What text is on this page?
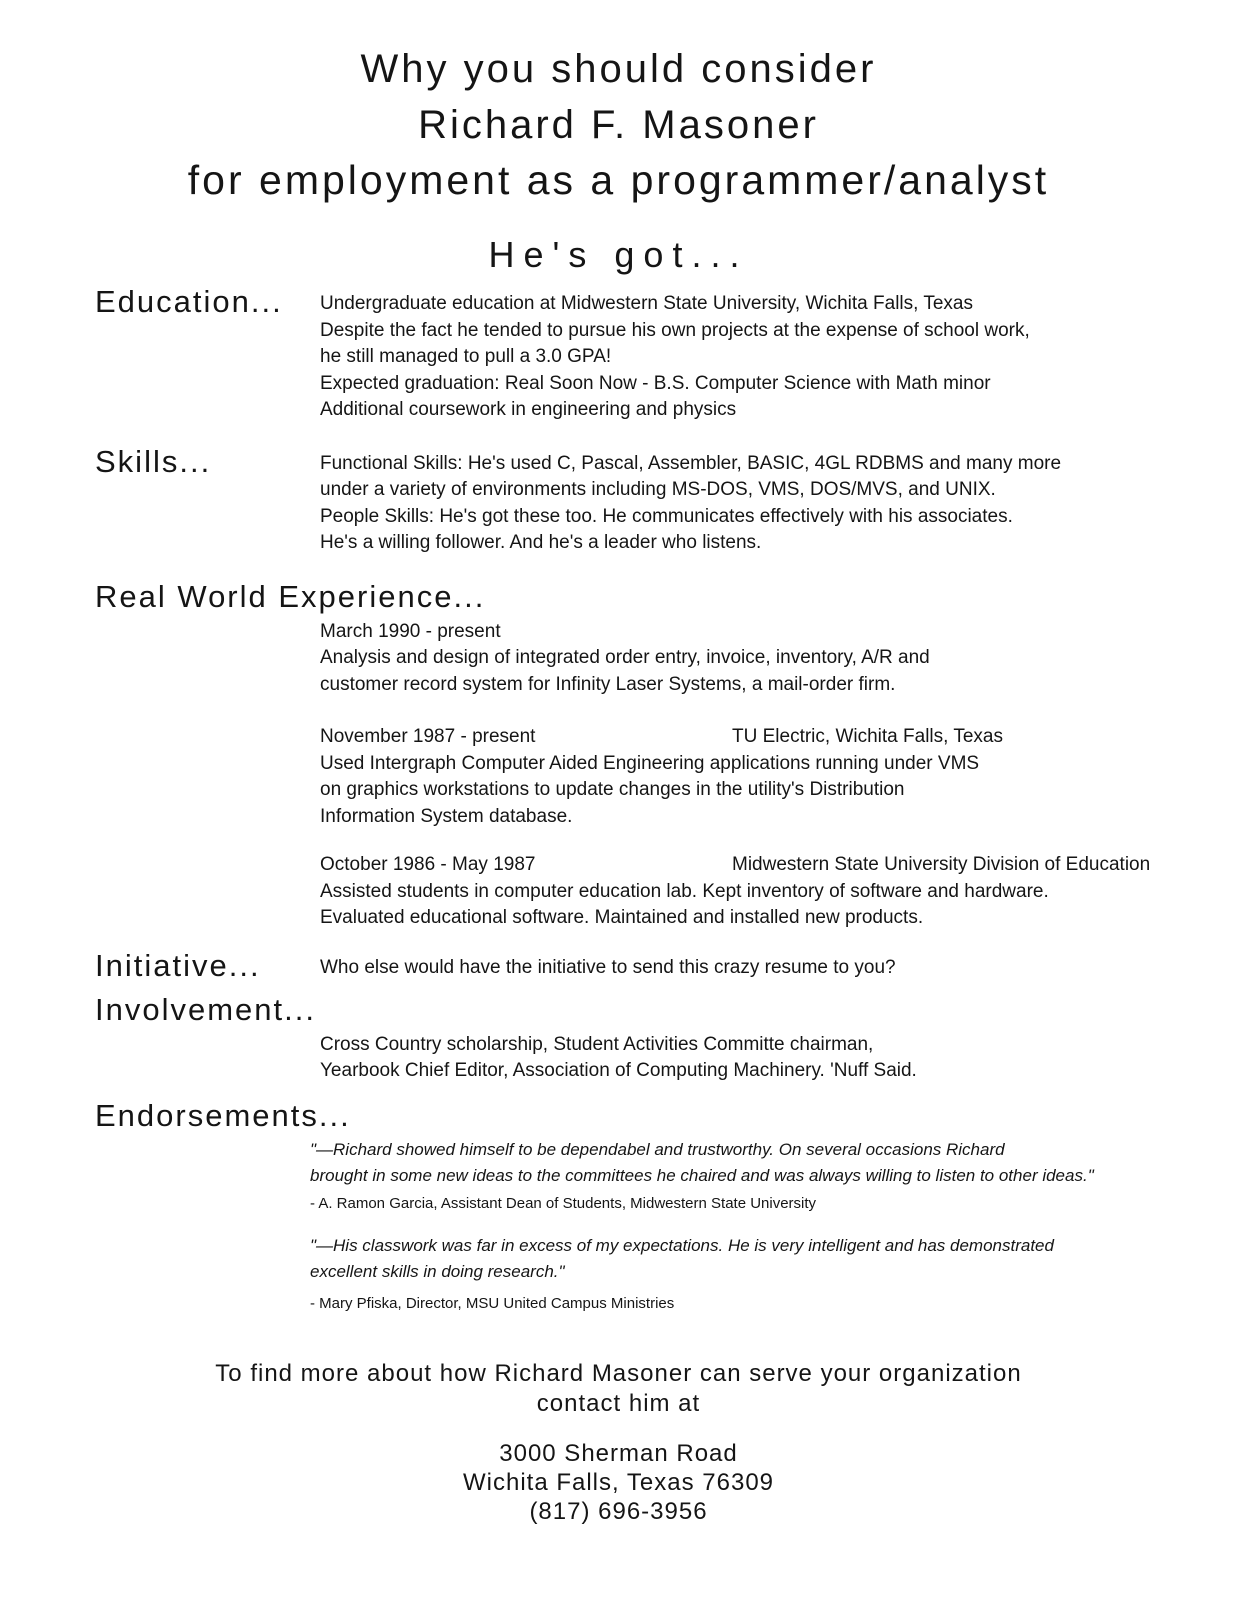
Why you should consider
Richard F. Masoner
for employment as a programmer/analyst
He's got...
Education...	Undergraduate education at Midwestern State University, Wichita Falls, Texas
Despite the fact he tended to pursue his own projects at the expense of school work,
he still managed to pull a 3.0 GPA!
Expected graduation: Real Soon Now - B.S. Computer Science with Math minor
Additional coursework in engineering and physics
Skills...	Functional Skills: He's used C, Pascal, Assembler, BASIC, 4GL RDBMS and many more
under a variety of environments including MS-DOS, VMS, DOS/MVS, and UNIX.
People Skills: He's got these too. He communicates effectively with his associates.
He's a willing follower. And he's a leader who listens.
Real World Experience...
March 1990 - present
Analysis and design of integrated order entry, invoice, inventory, A/R and
customer record system for Infinity Laser Systems, a mail-order firm.
November 1987 - present	TU Electric, Wichita Falls, Texas
Used Intergraph Computer Aided Engineering applications running under VMS
on graphics workstations to update changes in the utility's Distribution
Information System database.
October 1986 - May 1987	Midwestern State University Division of Education
Assisted students in computer education lab. Kept inventory of software and hardware.
Evaluated educational software. Maintained and installed new products.
Initiative...	Who else would have the initiative to send this crazy resume to you?
Involvement...
Cross Country scholarship, Student Activities Committe chairman,
Yearbook Chief Editor, Association of Computing Machinery. 'Nuff Said.
Endorsements...
"—Richard showed himself to be dependabel and trustworthy. On several occasions Richard
brought in some new ideas to the committees he chaired and was always willing to listen to other ideas."
- A. Ramon Garcia, Assistant Dean of Students, Midwestern State University
"—His classwork was far in excess of my expectations. He is very intelligent and has demonstrated
excellent skills in doing research."
- Mary Pfiska, Director, MSU United Campus Ministries
To find more about how Richard Masoner can serve your organization
contact him at
3000 Sherman Road
Wichita Falls, Texas 76309
(817) 696-3956
